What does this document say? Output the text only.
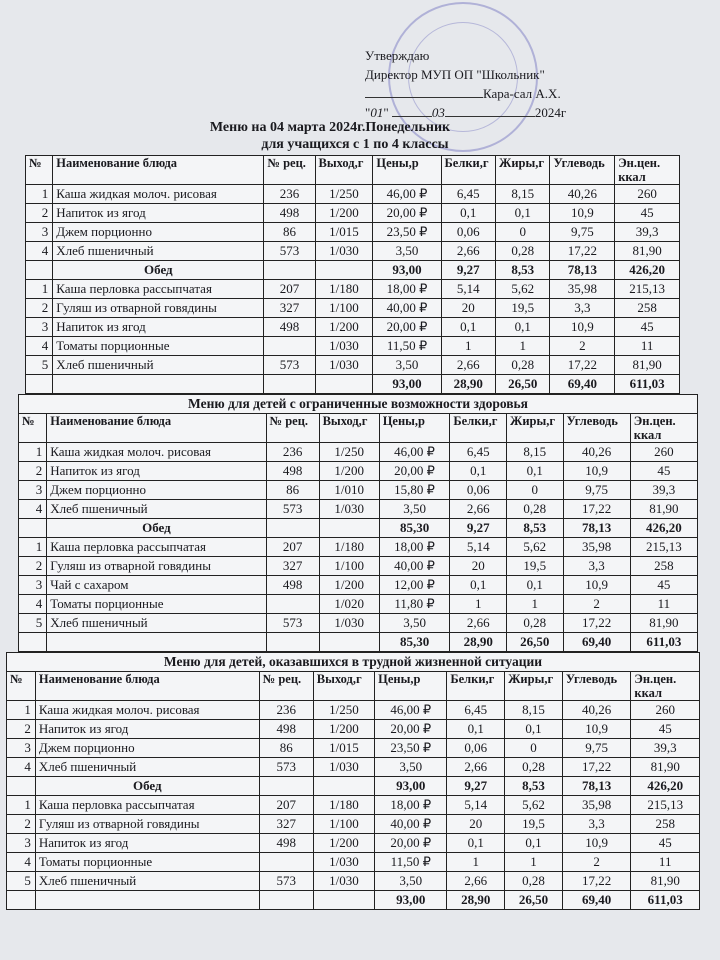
Утверждаю
Директор МУП ОП "Школьник"
Кара-сал А.Х.
"01"	03	2024г
Меню на 04 марта 2024г.Понедельник
для учащихся с 1 по 4 классы
№	Наименование блюда	№ рец.	Выход,г	Цены,р	Белки,г	Жиры,г	Углеводь	Эн.цен. ккал
1	Каша жидкая молоч. рисовая	236	1/250	46,00 ₽	6,45	8,15	40,26	260
2	Напиток из ягод	498	1/200	20,00 ₽	0,1	0,1	10,9	45
3	Джем порционно	86	1/015	23,50 ₽	0,06	0	9,75	39,3
4	Хлеб пшеничный	573	1/030	3,50	2,66	0,28	17,22	81,90
	Обед			93,00	9,27	8,53	78,13	426,20
1	Каша перловка рассыпчатая	207	1/180	18,00 ₽	5,14	5,62	35,98	215,13
2	Гуляш из отварной говядины	327	1/100	40,00 ₽	20	19,5	3,3	258
3	Напиток из ягод	498	1/200	20,00 ₽	0,1	0,1	10,9	45
4	Томаты порционные		1/030	11,50 ₽	1	1	2	11
5	Хлеб пшеничный	573	1/030	3,50	2,66	0,28	17,22	81,90
				93,00	28,90	26,50	69,40	611,03
Меню для детей с ограниченные возможности здоровья								
№	Наименование блюда	№ рец.	Выход,г	Цены,р	Белки,г	Жиры,г	Углеводь	Эн.цен. ккал
1	Каша жидкая молоч. рисовая	236	1/250	46,00 ₽	6,45	8,15	40,26	260
2	Напиток из ягод	498	1/200	20,00 ₽	0,1	0,1	10,9	45
3	Джем порционно	86	1/010	15,80 ₽	0,06	0	9,75	39,3
4	Хлеб пшеничный	573	1/030	3,50	2,66	0,28	17,22	81,90
	Обед			85,30	9,27	8,53	78,13	426,20
1	Каша перловка рассыпчатая	207	1/180	18,00 ₽	5,14	5,62	35,98	215,13
2	Гуляш из отварной говядины	327	1/100	40,00 ₽	20	19,5	3,3	258
3	Чай с сахаром	498	1/200	12,00 ₽	0,1	0,1	10,9	45
4	Томаты порционные		1/020	11,80 ₽	1	1	2	11
5	Хлеб пшеничный	573	1/030	3,50	2,66	0,28	17,22	81,90
				85,30	28,90	26,50	69,40	611,03
Меню для детей, оказавшихся в трудной жизненной ситуации								
№	Наименование блюда	№ рец.	Выход,г	Цены,р	Белки,г	Жиры,г	Углеводь	Эн.цен. ккал
1	Каша жидкая молоч. рисовая	236	1/250	46,00 ₽	6,45	8,15	40,26	260
2	Напиток из ягод	498	1/200	20,00 ₽	0,1	0,1	10,9	45
3	Джем порционно	86	1/015	23,50 ₽	0,06	0	9,75	39,3
4	Хлеб пшеничный	573	1/030	3,50	2,66	0,28	17,22	81,90
	Обед			93,00	9,27	8,53	78,13	426,20
1	Каша перловка рассыпчатая	207	1/180	18,00 ₽	5,14	5,62	35,98	215,13
2	Гуляш из отварной говядины	327	1/100	40,00 ₽	20	19,5	3,3	258
3	Напиток из ягод	498	1/200	20,00 ₽	0,1	0,1	10,9	45
4	Томаты порционные		1/030	11,50 ₽	1	1	2	11
5	Хлеб пшеничный	573	1/030	3,50	2,66	0,28	17,22	81,90
				93,00	28,90	26,50	69,40	611,03
